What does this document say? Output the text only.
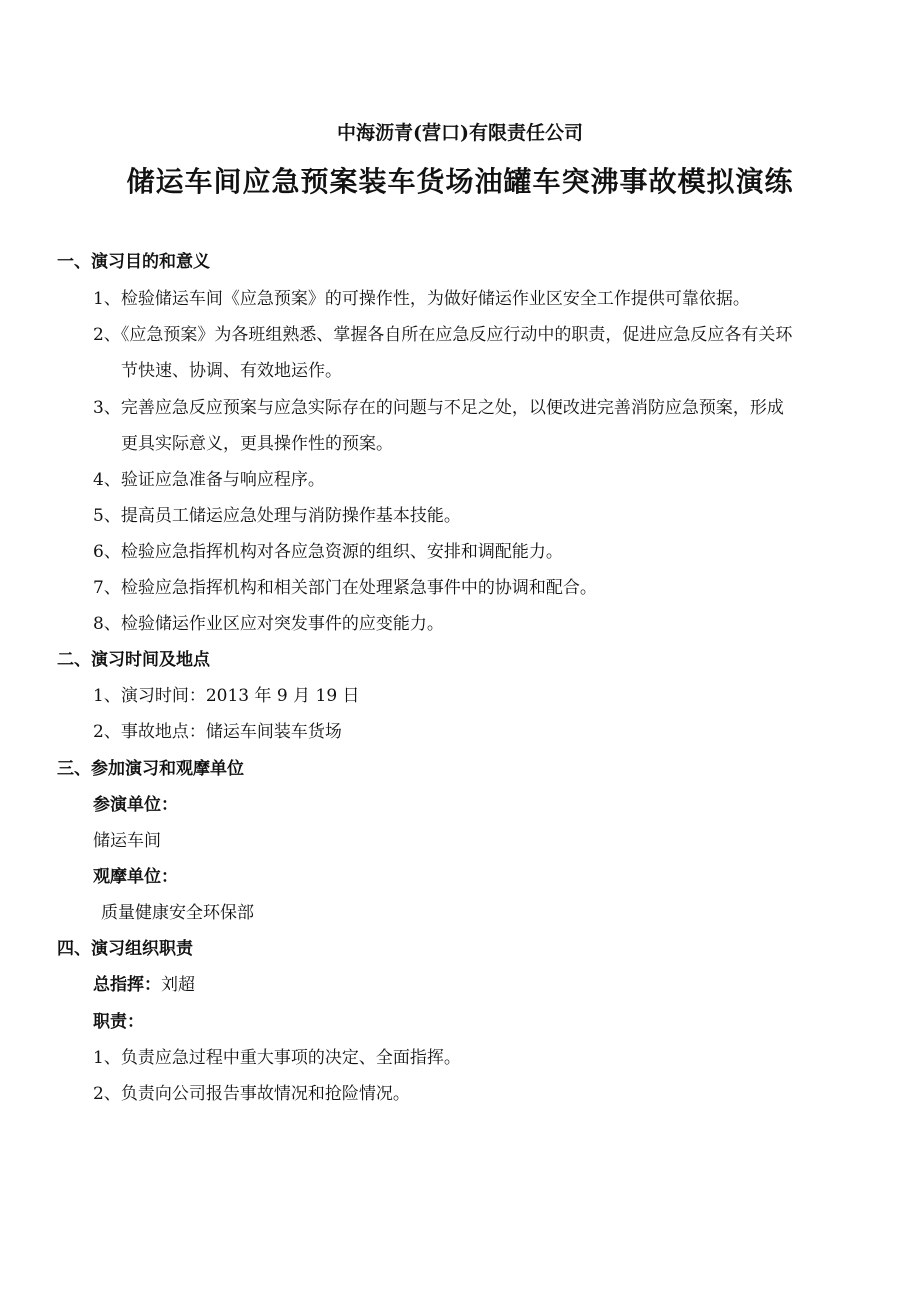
中海沥青(营口)有限责任公司
储运车间应急预案装车货场油罐车突沸事故模拟演练
一、演习目的和意义
1、检验储运车间《应急预案》的可操作性，为做好储运作业区安全工作提供可靠依据。
2、《应急预案》为各班组熟悉、掌握各自所在应急反应行动中的职责，促进应急反应各有关环
节快速、协调、有效地运作。
3、完善应急反应预案与应急实际存在的问题与不足之处，以便改进完善消防应急预案，形成
更具实际意义，更具操作性的预案。
4、验证应急准备与响应程序。
5、提高员工储运应急处理与消防操作基本技能。
6、检验应急指挥机构对各应急资源的组织、安排和调配能力。
7、检验应急指挥机构和相关部门在处理紧急事件中的协调和配合。
8、检验储运作业区应对突发事件的应变能力。
二、演习时间及地点
1、演习时间：2013 年 9 月 19 日
2、事故地点：储运车间装车货场
三、参加演习和观摩单位
参演单位：
储运车间
观摩单位：
质量健康安全环保部
四、演习组织职责
总指挥：刘超
职责：
1、负责应急过程中重大事项的决定、全面指挥。
2、负责向公司报告事故情况和抢险情况。
